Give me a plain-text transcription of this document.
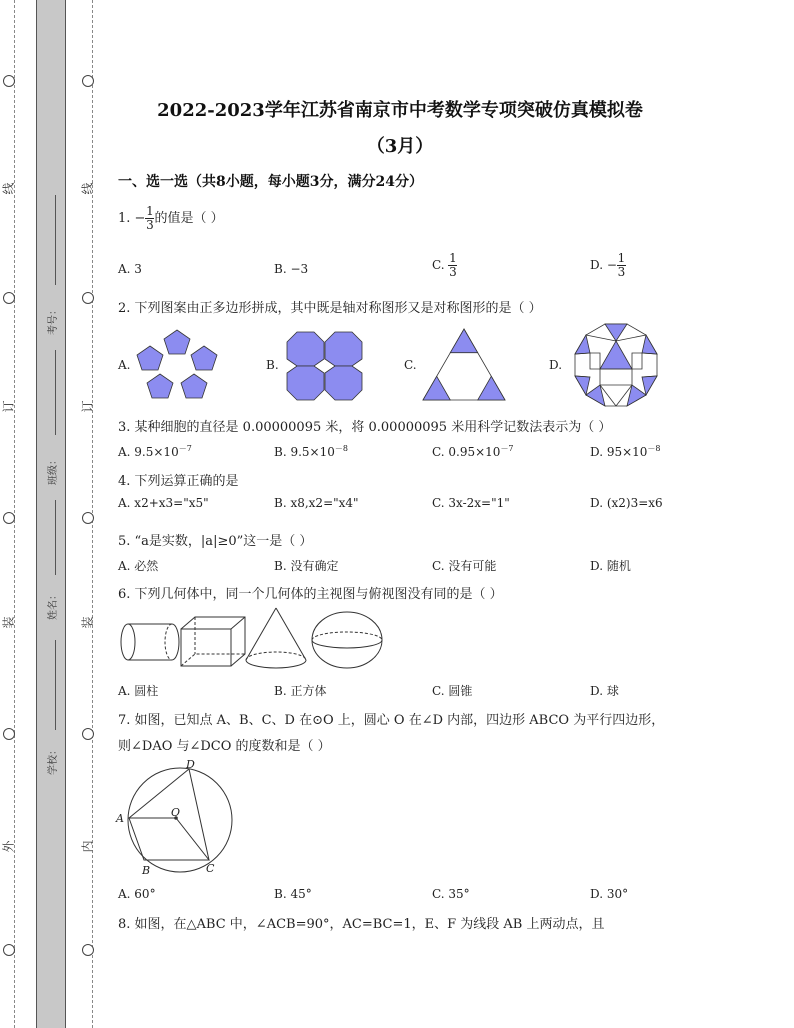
线
订
装
外
线
订
装
内
考号：
班级：
姓名：
学校：
2022-2023学年江苏省南京市中考数学专项突破仿真模拟卷
（3月）
一、选一选（共8小题，每小题3分，满分24分）
1. − $\frac{1}{3}$ 的值是（ ）
A. 3	B. −3	C. $\frac{1}{3}$	D. − $\frac{1}{3}$
2. 下列图案由正多边形拼成，其中既是轴对称图形又是对称图形的是（ ）
A.	B.	C.	D.
3. 某种细胞的直径是 0.00000095 米，将 0.00000095 米用科学记数法表示为（ ）
A. $9.5\times 10^{-7}$	B. $9.5\times 10^{-8}$	C. $0.95\times 10^{-7}$	D. $95\times 10^{-8}$
4. 下列运算正确的是
A. x2+x3="x5"	B. x8,x2="x4"	C. 3x-2x="1"	D. (x2)3=x6
5. “a是实数，|a|≥0”这一是（ ）
A. 必然	B. 没有确定	C. 没有可能	D. 随机
6. 下列几何体中，同一个几何体的主视图与俯视图没有同的是（ ）
A. 圆柱	B. 正方体	C. 圆锥	D. 球
7. 如图，已知点 A、B、C、D 在⊙O 上，圆心 O 在∠D 内部，四边形 ABCO 为平行四边形，
则∠DAO 与∠DCO 的度数和是（ ）
D
A	O
B	C
A. 60°	B. 45°	C. 35°	D. 30°
8. 如图，在△ABC 中，∠ACB=90°，AC=BC=1，E、F 为线段 AB 上两动点，且
